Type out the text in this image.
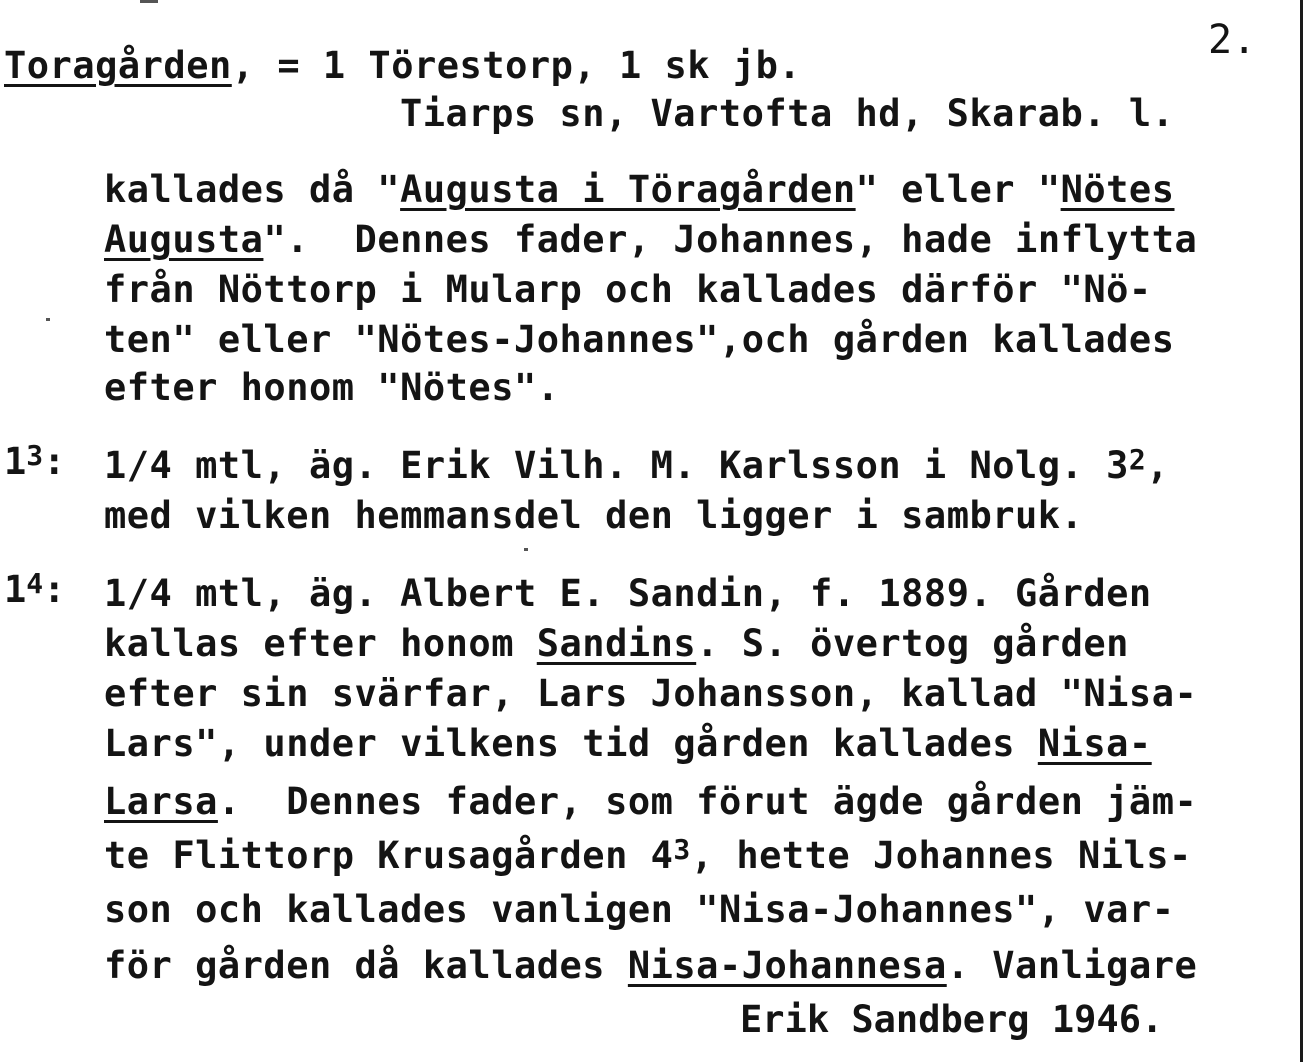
2.
Toragården, = 1 Törestorp, 1 sk jb.
Tiarps sn, Vartofta hd, Skarab. l.
kallades då "Augusta i Töragården" eller "Nötes
Augusta".  Dennes fader, Johannes, hade inflytta
från Nöttorp i Mularp och kallades därför "Nö-
ten" eller "Nötes-Johannes",och gården kallades
efter honom "Nötes".
$1^3$: 1/4 mtl, äg. Erik Vilh. M. Karlsson i Nolg. $3^2$,
med vilken hemmansdel den ligger i sambruk.
$1^4$: 1/4 mtl, äg. Albert E. Sandin, f. 1889. Gården
kallas efter honom Sandins. S. övertog gården
efter sin svärfar, Lars Johansson, kallad "Nisa-
Lars", under vilkens tid gården kallades Nisa-
Larsa.  Dennes fader, som förut ägde gården jäm-
te Flittorp Krusagården $4^3$, hette Johannes Nils-
son och kallades vanligen "Nisa-Johannes", var-
för gården då kallades Nisa-Johannesa. Vanligare
Erik Sandberg 1946.
